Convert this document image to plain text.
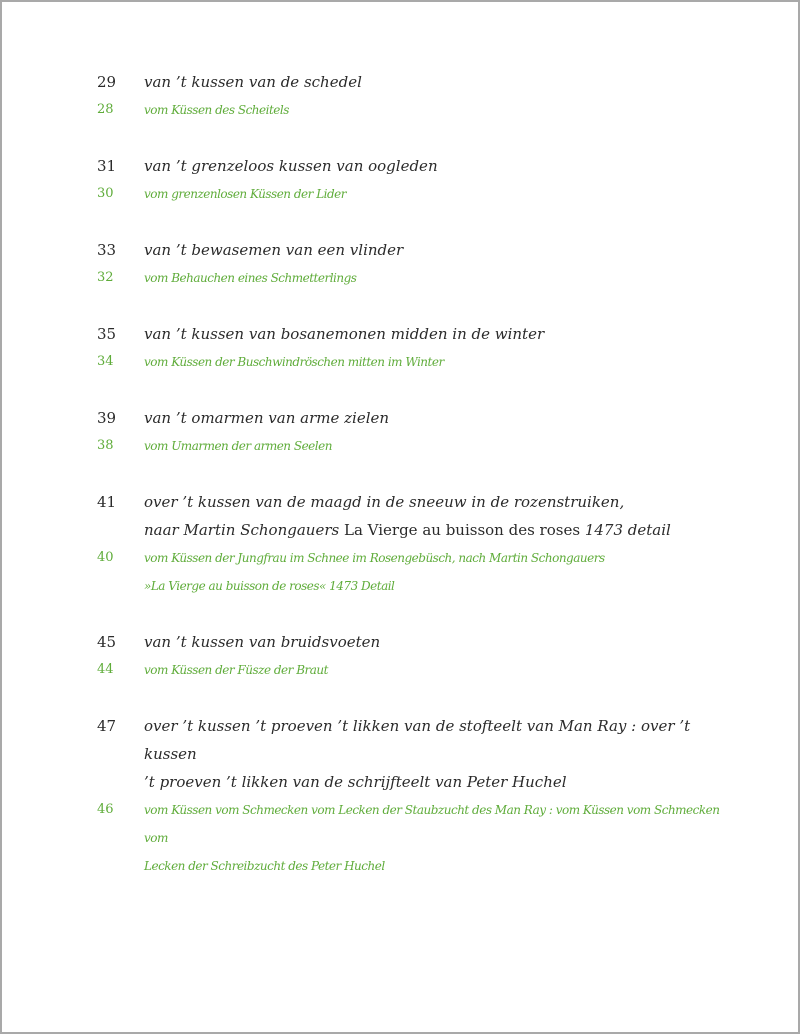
29	van ’t kussen van de schedel
28	vom Küssen des Scheitels
31	van ’t grenzeloos kussen van oogleden
30	vom grenzenlosen Küssen der Lider
33	van ’t bewasemen van een vlinder
32	vom Behauchen eines Schmetterlings
35	van ’t kussen van bosanemonen midden in de winter
34	vom Küssen der Buschwindröschen mitten im Winter
39	van ’t omarmen van arme zielen
38	vom Umarmen der armen Seelen
41	over ’t kussen van de maagd in de sneeuw in de rozenstruiken,
naar Martin Schongauers La Vierge au buisson des roses 1473 detail
40	vom Küssen der Jungfrau im Schnee im Rosengebüsch, nach Martin Schongauers
»La Vierge au buisson de roses« 1473 Detail
45	van ’t kussen van bruidsvoeten
44	vom Küssen der Füsze der Braut
47	over ’t kussen ’t proeven ’t likken van de stofteelt van Man Ray : over ’t kussen
’t proeven ’t likken van de schrijfteelt van Peter Huchel
46	vom Küssen vom Schmecken vom Lecken der Staubzucht des Man Ray : vom Küssen vom Schmecken vom
Lecken der Schreibzucht des Peter Huchel
